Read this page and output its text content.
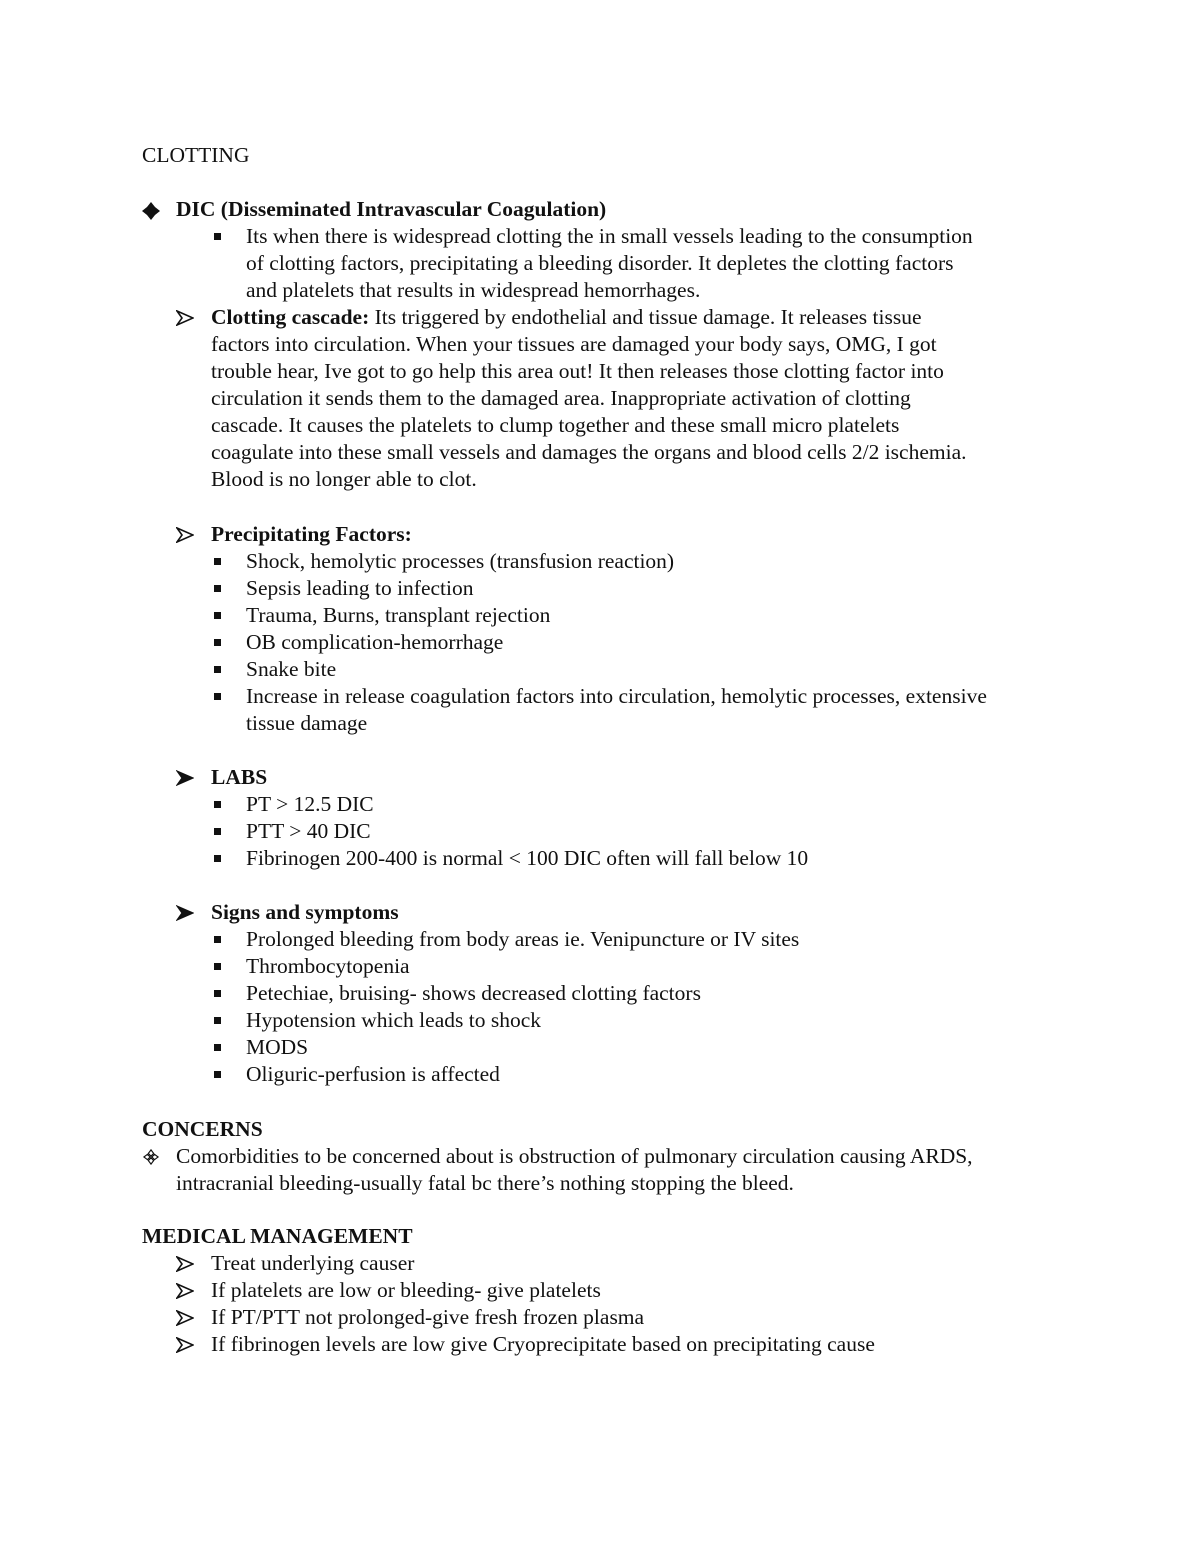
CLOTTING
DIC (Disseminated Intravascular Coagulation)
Its when there is widespread clotting the in small vessels leading to the consumption
of clotting factors, precipitating a bleeding disorder. It depletes the clotting factors
and platelets that results in widespread hemorrhages.
Clotting cascade: Its triggered by endothelial and tissue damage. It releases tissue
factors into circulation. When your tissues are damaged your body says, OMG, I got
trouble hear, Ive got to go help this area out! It then releases those clotting factor into
circulation it sends them to the damaged area. Inappropriate activation of clotting
cascade. It causes the platelets to clump together and these small micro platelets
coagulate into these small vessels and damages the organs and blood cells 2/2 ischemia.
Blood is no longer able to clot.
Precipitating Factors:
Shock, hemolytic processes (transfusion reaction)
Sepsis leading to infection
Trauma, Burns, transplant rejection
OB complication-hemorrhage
Snake bite
Increase in release coagulation factors into circulation, hemolytic processes, extensive
tissue damage
LABS
PT > 12.5 DIC
PTT > 40 DIC
Fibrinogen 200-400 is normal < 100 DIC often will fall below 10
Signs and symptoms
Prolonged bleeding from body areas ie. Venipuncture or IV sites
Thrombocytopenia
Petechiae, bruising- shows decreased clotting factors
Hypotension which leads to shock
MODS
Oliguric-perfusion is affected
CONCERNS
Comorbidities to be concerned about is obstruction of pulmonary circulation causing ARDS,
intracranial bleeding-usually fatal bc there’s nothing stopping the bleed.
MEDICAL MANAGEMENT
Treat underlying causer
If platelets are low or bleeding- give platelets
If PT/PTT not prolonged-give fresh frozen plasma
If fibrinogen levels are low give Cryoprecipitate based on precipitating cause
